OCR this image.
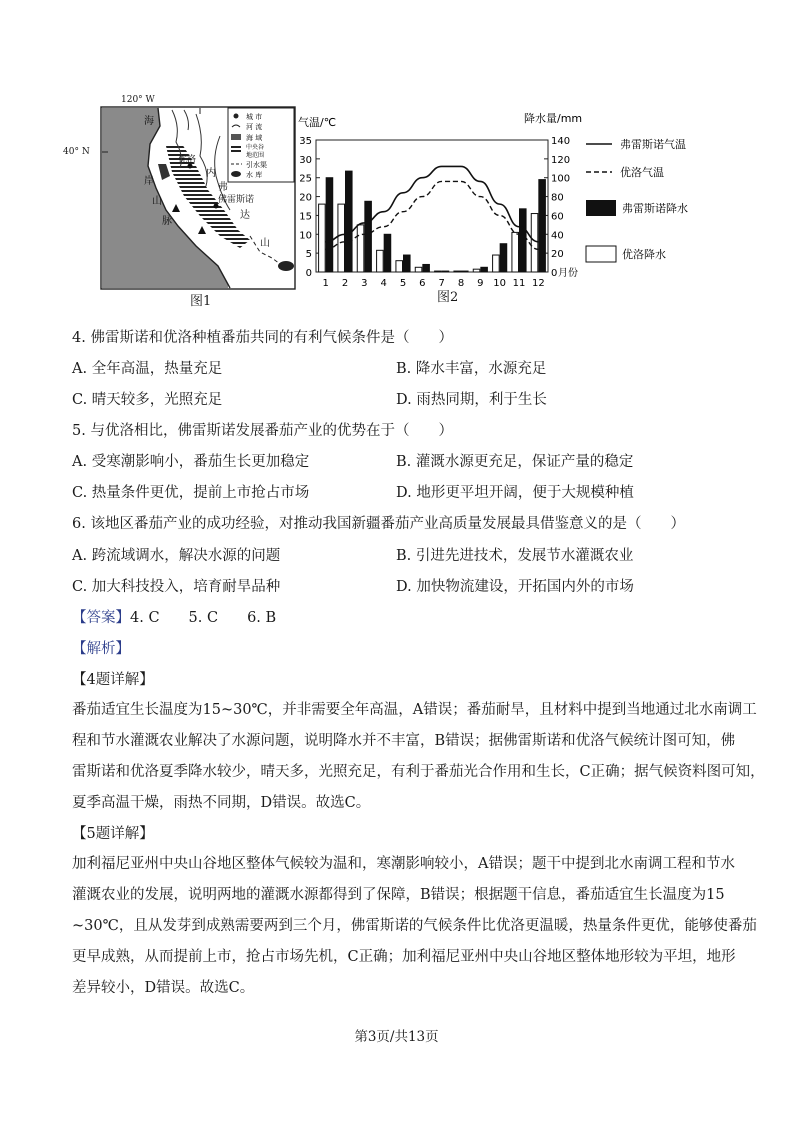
城 市
河 流
海 域
中央谷
地范围
引水渠
水 库
海
岸
山
脉
优洛
内
弗
佛雷斯诺
达
山
120° W
40° N
图1
0
5
10
15
20
25
30
35
0
20
40
60
80
100
120
140
气温/℃	降水量/mm
月份
1 2 3 4 5 6 7 8 9 10 11 12
弗雷斯诺气温
优洛气温
弗雷斯诺降水
优洛降水
图2
4. 佛雷斯诺和优洛种植番茄共同的有利气候条件是（　　）
A. 全年高温，热量充足	B. 降水丰富，水源充足
C. 晴天较多，光照充足	D. 雨热同期，利于生长
5. 与优洛相比，佛雷斯诺发展番茄产业的优势在于（　　）
A. 受寒潮影响小，番茄生长更加稳定	B. 灌溉水源更充足，保证产量的稳定
C. 热量条件更优，提前上市抢占市场	D. 地形更平坦开阔，便于大规模种植
6. 该地区番茄产业的成功经验，对推动我国新疆番茄产业高质量发展最具借鉴意义的是（　　）
A. 跨流域调水，解决水源的问题	B. 引进先进技术，发展节水灌溉农业
C. 加大科技投入，培育耐旱品种	D. 加快物流建设，开拓国内外的市场
【答案】4. C　　5. C　　6. B
【解析】
【4题详解】
番茄适宜生长温度为15~30℃，并非需要全年高温，A错误；番茄耐旱，且材料中提到当地通过北水南调工
程和节水灌溉农业解决了水源问题，说明降水并不丰富，B错误；据佛雷斯诺和优洛气候统计图可知，佛
雷斯诺和优洛夏季降水较少，晴天多，光照充足，有利于番茄光合作用和生长，C正确；据气候资料图可知，
夏季高温干燥，雨热不同期，D错误。故选C。
【5题详解】
加利福尼亚州中央山谷地区整体气候较为温和，寒潮影响较小，A错误；题干中提到北水南调工程和节水
灌溉农业的发展，说明两地的灌溉水源都得到了保障，B错误；根据题干信息，番茄适宜生长温度为15
~30℃，且从发芽到成熟需要两到三个月，佛雷斯诺的气候条件比优洛更温暖，热量条件更优，能够使番茄
更早成熟，从而提前上市，抢占市场先机，C正确；加利福尼亚州中央山谷地区整体地形较为平坦，地形
差异较小，D错误。故选C。
第3页/共13页
